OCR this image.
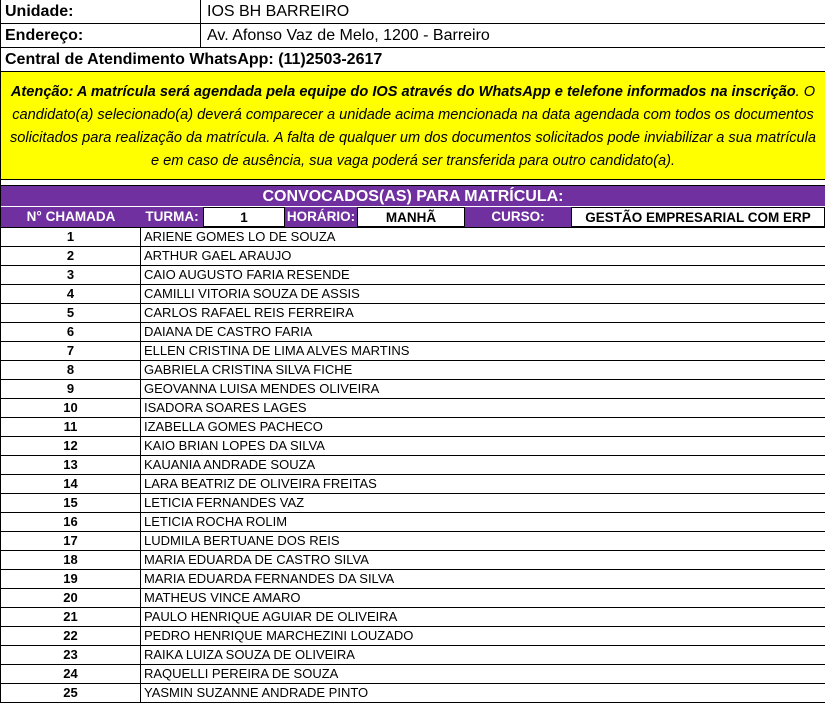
Unidade:	IOS BH BARREIRO
Endereço:	Av. Afonso Vaz de Melo, 1200 - Barreiro
Central de Atendimento WhatsApp: (11)2503-2617
Atenção: A matrícula será agendada pela equipe do IOS através do WhatsApp e telefone informados na inscrição. O candidato(a) selecionado(a) deverá comparecer a unidade acima mencionada na data agendada com todos os documentos solicitados para realização da matrícula. A falta de qualquer um dos documentos solicitados pode inviabilizar a sua matrícula e em caso de ausência, sua vaga poderá ser transferida para outro candidato(a).
CONVOCADOS(AS) PARA MATRÍCULA:
N° CHAMADA	TURMA:	1	HORÁRIO:	MANHÃ	CURSO:	GESTÃO EMPRESARIAL COM ERP
1	ARIENE GOMES LO DE SOUZA
2	ARTHUR GAEL ARAUJO
3	CAIO AUGUSTO FARIA RESENDE
4	CAMILLI VITORIA SOUZA DE ASSIS
5	CARLOS RAFAEL REIS FERREIRA
6	DAIANA DE CASTRO FARIA
7	ELLEN CRISTINA DE LIMA ALVES MARTINS
8	GABRIELA CRISTINA SILVA FICHE
9	GEOVANNA LUISA MENDES OLIVEIRA
10	ISADORA SOARES LAGES
11	IZABELLA GOMES PACHECO
12	KAIO BRIAN LOPES DA SILVA
13	KAUANIA ANDRADE SOUZA
14	LARA BEATRIZ DE OLIVEIRA FREITAS
15	LETICIA FERNANDES VAZ
16	LETICIA ROCHA ROLIM
17	LUDMILA BERTUANE DOS REIS
18	MARIA EDUARDA DE CASTRO SILVA
19	MARIA EDUARDA FERNANDES DA SILVA
20	MATHEUS VINCE AMARO
21	PAULO HENRIQUE AGUIAR DE OLIVEIRA
22	PEDRO HENRIQUE MARCHEZINI LOUZADO
23	RAIKA LUIZA SOUZA DE OLIVEIRA
24	RAQUELLI PEREIRA DE SOUZA
25	YASMIN SUZANNE ANDRADE PINTO
